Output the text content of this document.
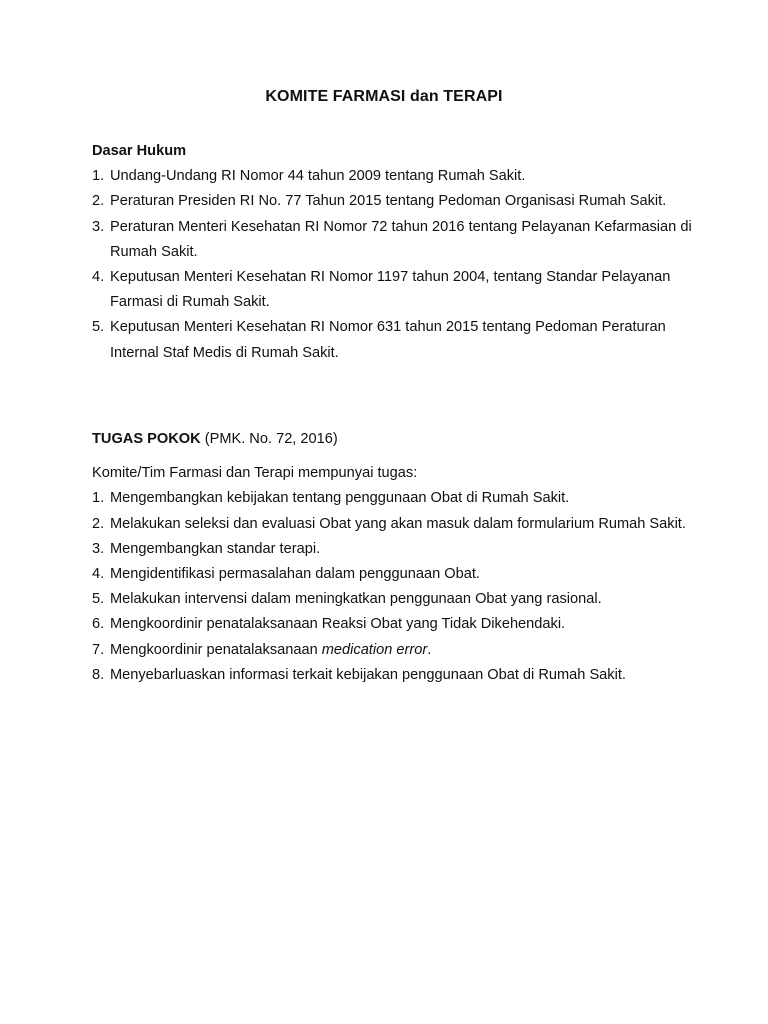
KOMITE FARMASI dan TERAPI

Dasar Hukum

1. Undang-Undang RI Nomor 44 tahun 2009 tentang Rumah Sakit.
2. Peraturan Presiden RI No. 77 Tahun 2015 tentang Pedoman Organisasi Rumah Sakit.
3. Peraturan Menteri Kesehatan RI Nomor 72 tahun 2016 tentang Pelayanan Kefarmasian di Rumah Sakit.
4. Keputusan Menteri Kesehatan RI Nomor 1197 tahun 2004, tentang Standar Pelayanan Farmasi di Rumah Sakit.
5. Keputusan Menteri Kesehatan RI Nomor 631 tahun 2015 tentang Pedoman Peraturan Internal Staf Medis di Rumah Sakit.

TUGAS POKOK (PMK. No. 72, 2016)

Komite/Tim Farmasi dan Terapi mempunyai tugas:

1. Mengembangkan kebijakan tentang penggunaan Obat di Rumah Sakit.
2. Melakukan seleksi dan evaluasi Obat yang akan masuk dalam formularium Rumah Sakit.
3. Mengembangkan standar terapi.
4. Mengidentifikasi permasalahan dalam penggunaan Obat.
5. Melakukan intervensi dalam meningkatkan penggunaan Obat yang rasional.
6. Mengkoordinir penatalaksanaan Reaksi Obat yang Tidak Dikehendaki.
7. Mengkoordinir penatalaksanaan medication error.
8. Menyebarluaskan informasi terkait kebijakan penggunaan Obat di Rumah Sakit.
